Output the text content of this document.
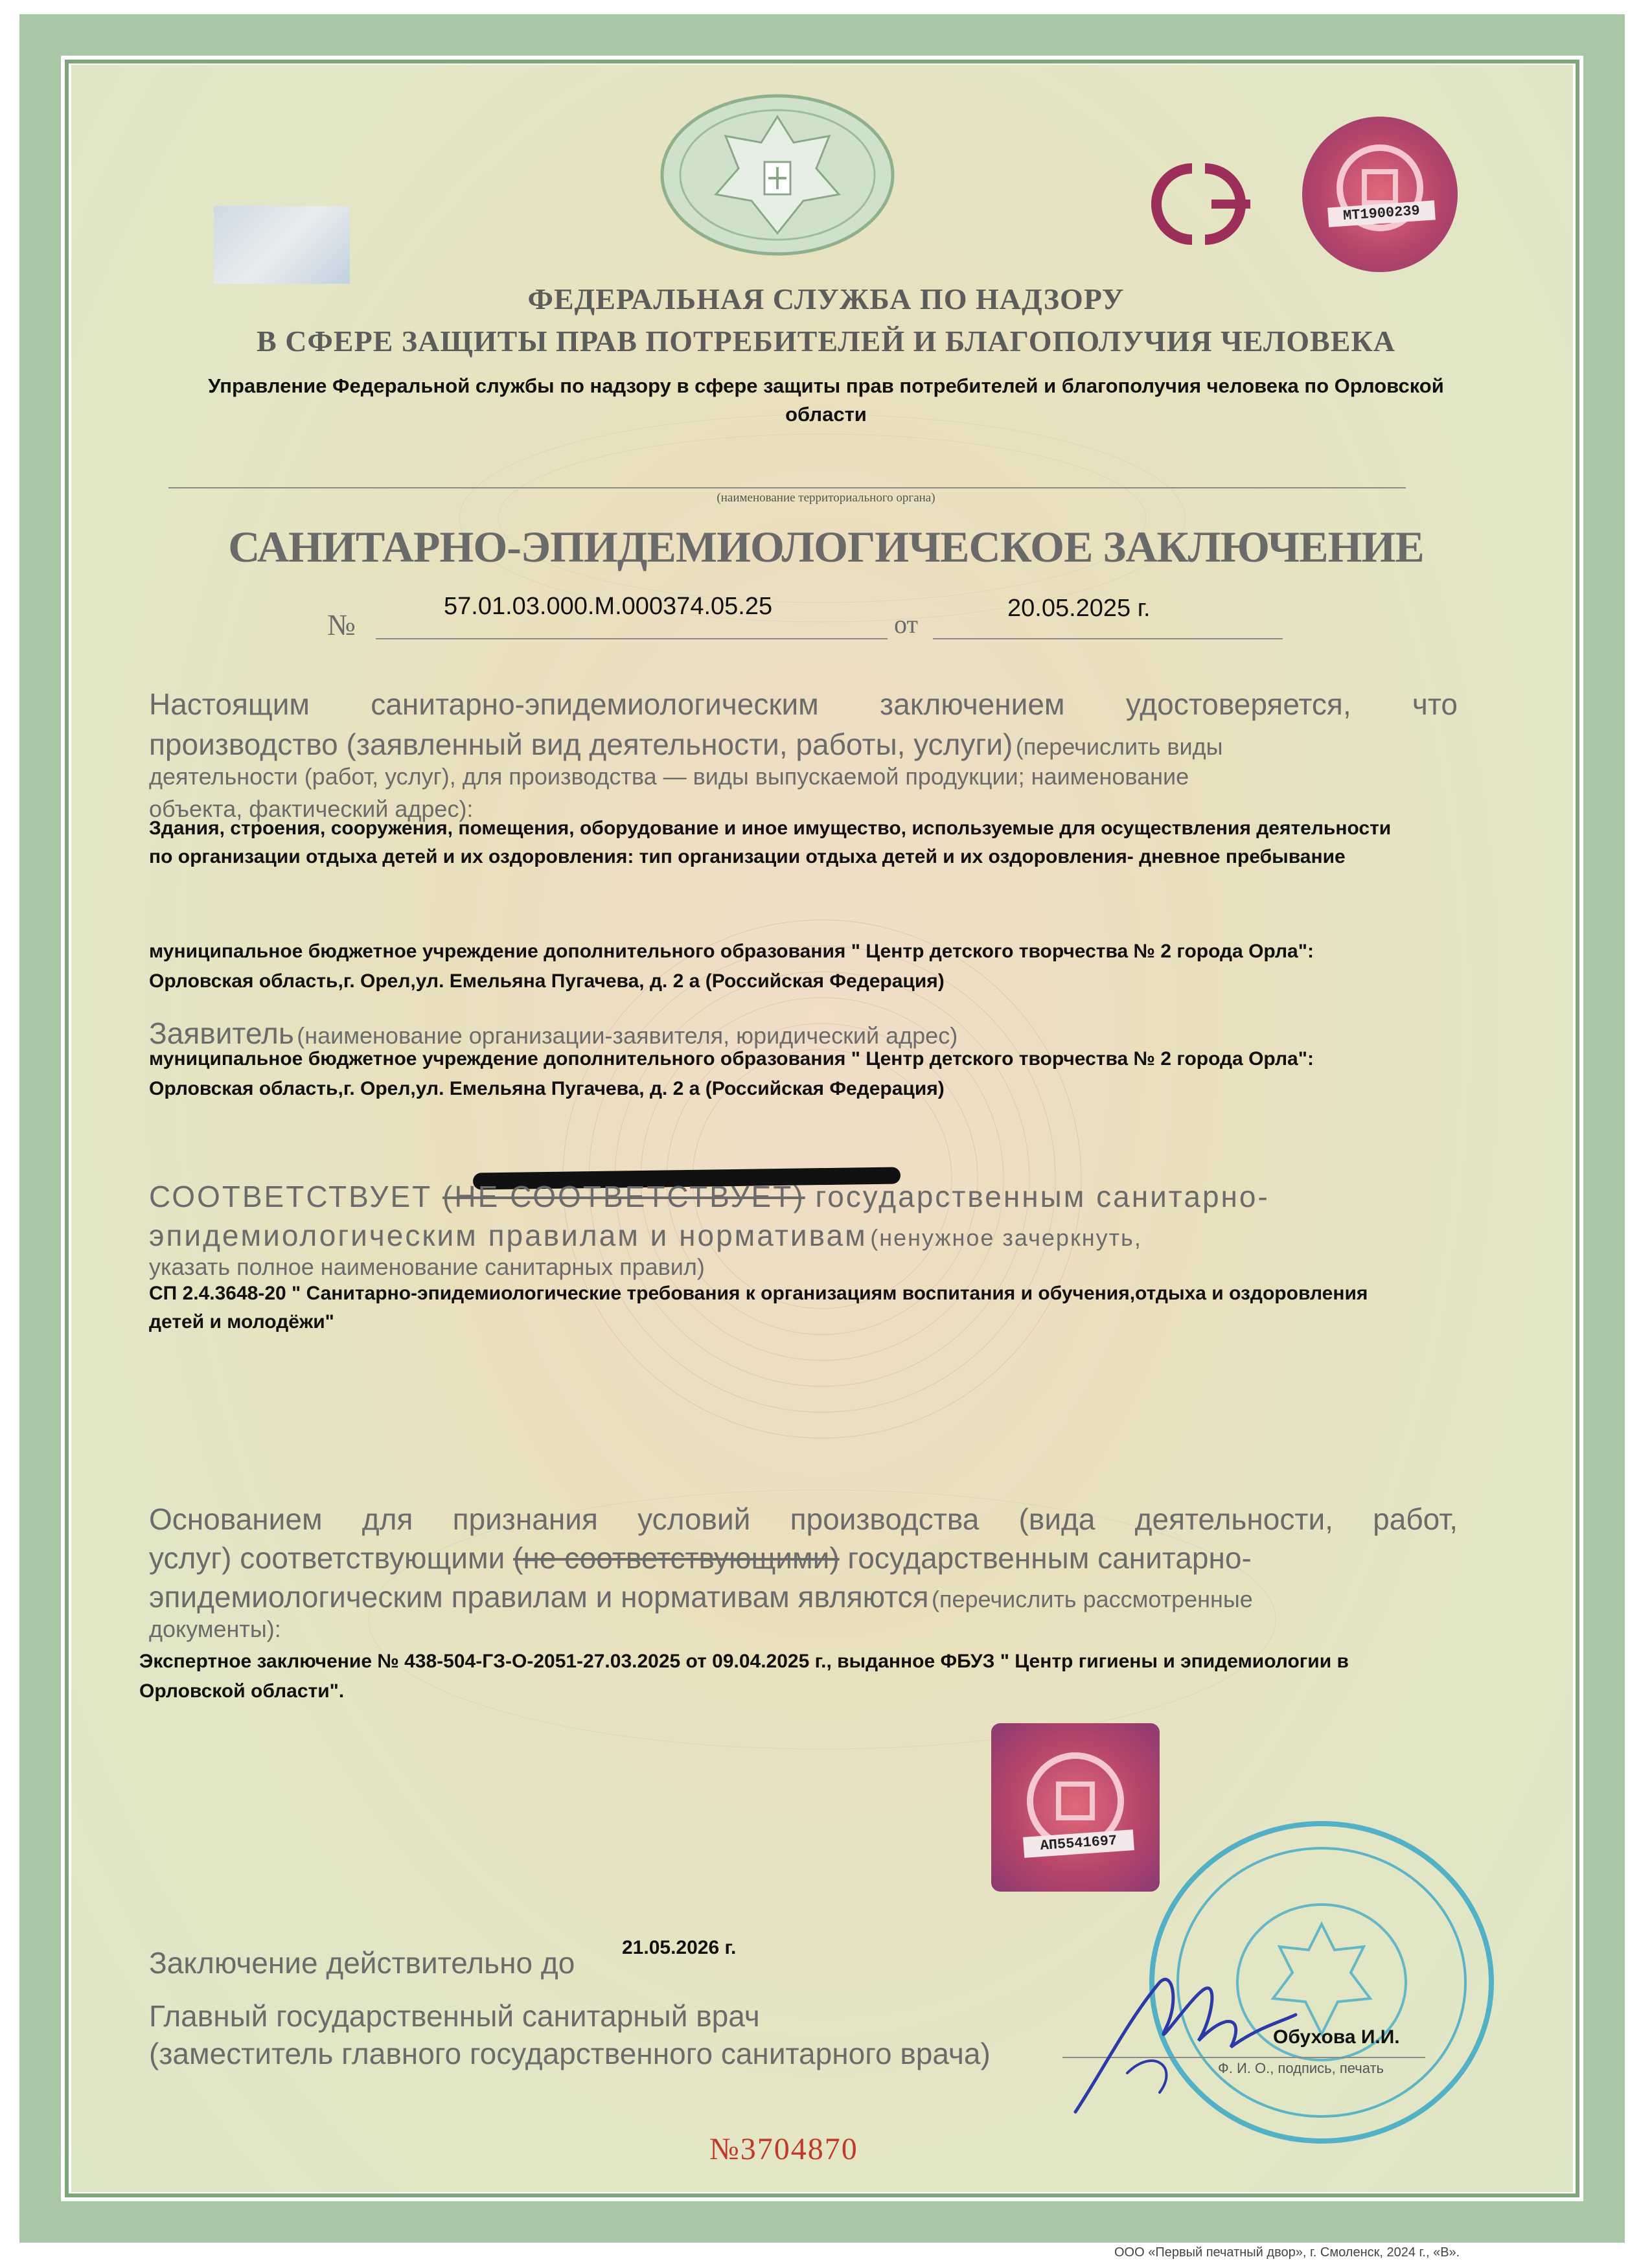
МТ1900239
ФЕДЕРАЛЬНАЯ СЛУЖБА ПО НАДЗОРУ
В СФЕРЕ ЗАЩИТЫ ПРАВ ПОТРЕБИТЕЛЕЙ И БЛАГОПОЛУЧИЯ ЧЕЛОВЕКА
Управление Федеральной службы по надзору в сфере защиты прав потребителей и благополучия человека по Орловской
области
(наименование территориального органа)
САНИТАРНО-ЭПИДЕМИОЛОГИЧЕСКОЕ ЗАКЛЮЧЕНИЕ
№
57.01.03.000.М.000374.05.25
от
20.05.2025 г.
Настоящим санитарно-эпидемиологическим заключением удостоверяется, что
производство (заявленный вид деятельности, работы, услуги) (перечислить виды
деятельности (работ, услуг), для производства — виды выпускаемой продукции; наименование
объекта, фактический адрес):
Здания, строения, сооружения, помещения, оборудование и иное имущество, используемые для осуществления деятельности
по организации отдыха детей и их оздоровления: тип организации отдыха детей и их оздоровления- дневное пребывание
муниципальное бюджетное учреждение дополнительного образования " Центр детского творчества № 2 города Орла":
Орловская область,г. Орел,ул. Емельяна Пугачева, д. 2 а (Российская Федерация)
Заявитель (наименование организации-заявителя, юридический адрес)
муниципальное бюджетное учреждение дополнительного образования " Центр детского творчества № 2 города Орла":
Орловская область,г. Орел,ул. Емельяна Пугачева, д. 2 а (Российская Федерация)
СООТВЕТСТВУЕТ (НЕ СООТВЕТСТВУЕТ) государственным санитарно-
эпидемиологическим правилам и нормативам (ненужное зачеркнуть,
указать полное наименование санитарных правил)
СП 2.4.3648-20 " Санитарно-эпидемиологические требования к организациям воспитания и обучения,отдыха и оздоровления
детей и молодёжи"
Основанием для признания условий производства (вида деятельности, работ,
услуг) соответствующими (не соответствующими) государственным санитарно-
эпидемиологическим правилам и нормативам являются (перечислить рассмотренные
документы):
Экспертное заключение № 438-504-ГЗ-О-2051-27.03.2025 от 09.04.2025 г., выданное ФБУЗ " Центр гигиены и эпидемиологии в
Орловской области".
АП5541697
Заключение действительно до 21.05.2026 г.
Главный государственный санитарный врач
(заместитель главного государственного санитарного врача)	Обухова И.И.
Ф. И. О., подпись, печать
№3704870
ООО «Первый печатный двор», г. Смоленск, 2024 г., «В».
